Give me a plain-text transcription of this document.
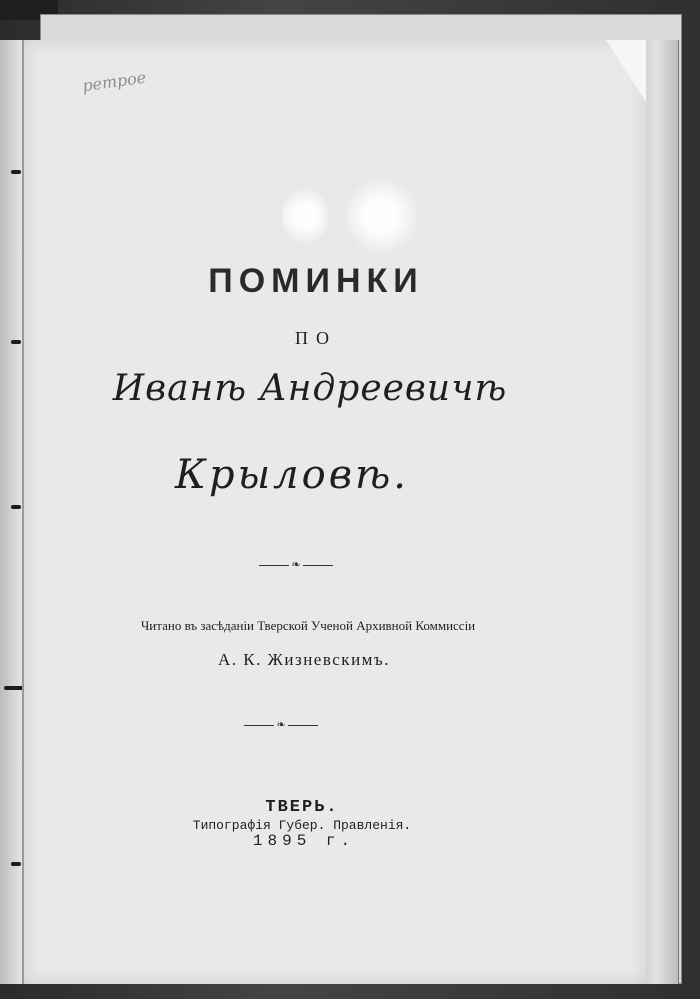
ретрое
ПОМИНКИ
ПО
Иванѣ Андреевичѣ
Крыловѣ.
❧
Читано въ засѣданіи Тверской Ученой Архивной Коммиссіи
А. К. Жизневскимъ.
❧
ТВЕРЬ.
Типографія Губер. Правленія.
1895 г.
